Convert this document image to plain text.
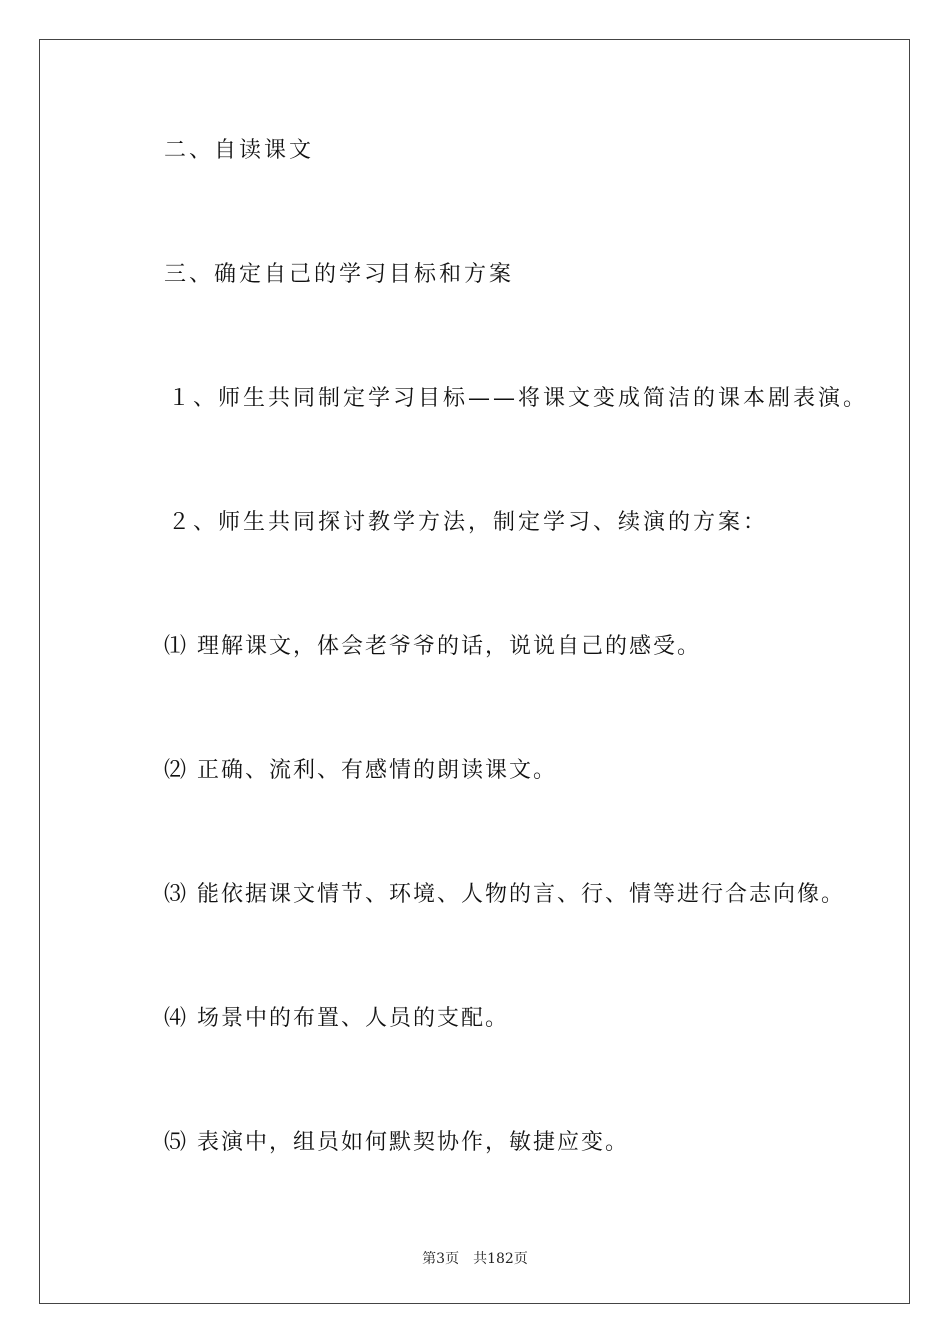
二、自读课文
三、确定自己的学习目标和方案
１、师生共同制定学习目标——将课文变成简洁的课本剧表演。
２、师生共同探讨教学方法，制定学习、续演的方案：
⑴ 理解课文，体会老爷爷的话，说说自己的感受。
⑵ 正确、流利、有感情的朗读课文。
⑶ 能依据课文情节、环境、人物的言、行、情等进行合志向像。
⑷ 场景中的布置、人员的支配。
⑸ 表演中，组员如何默契协作，敏捷应变。
第3页 共182页
